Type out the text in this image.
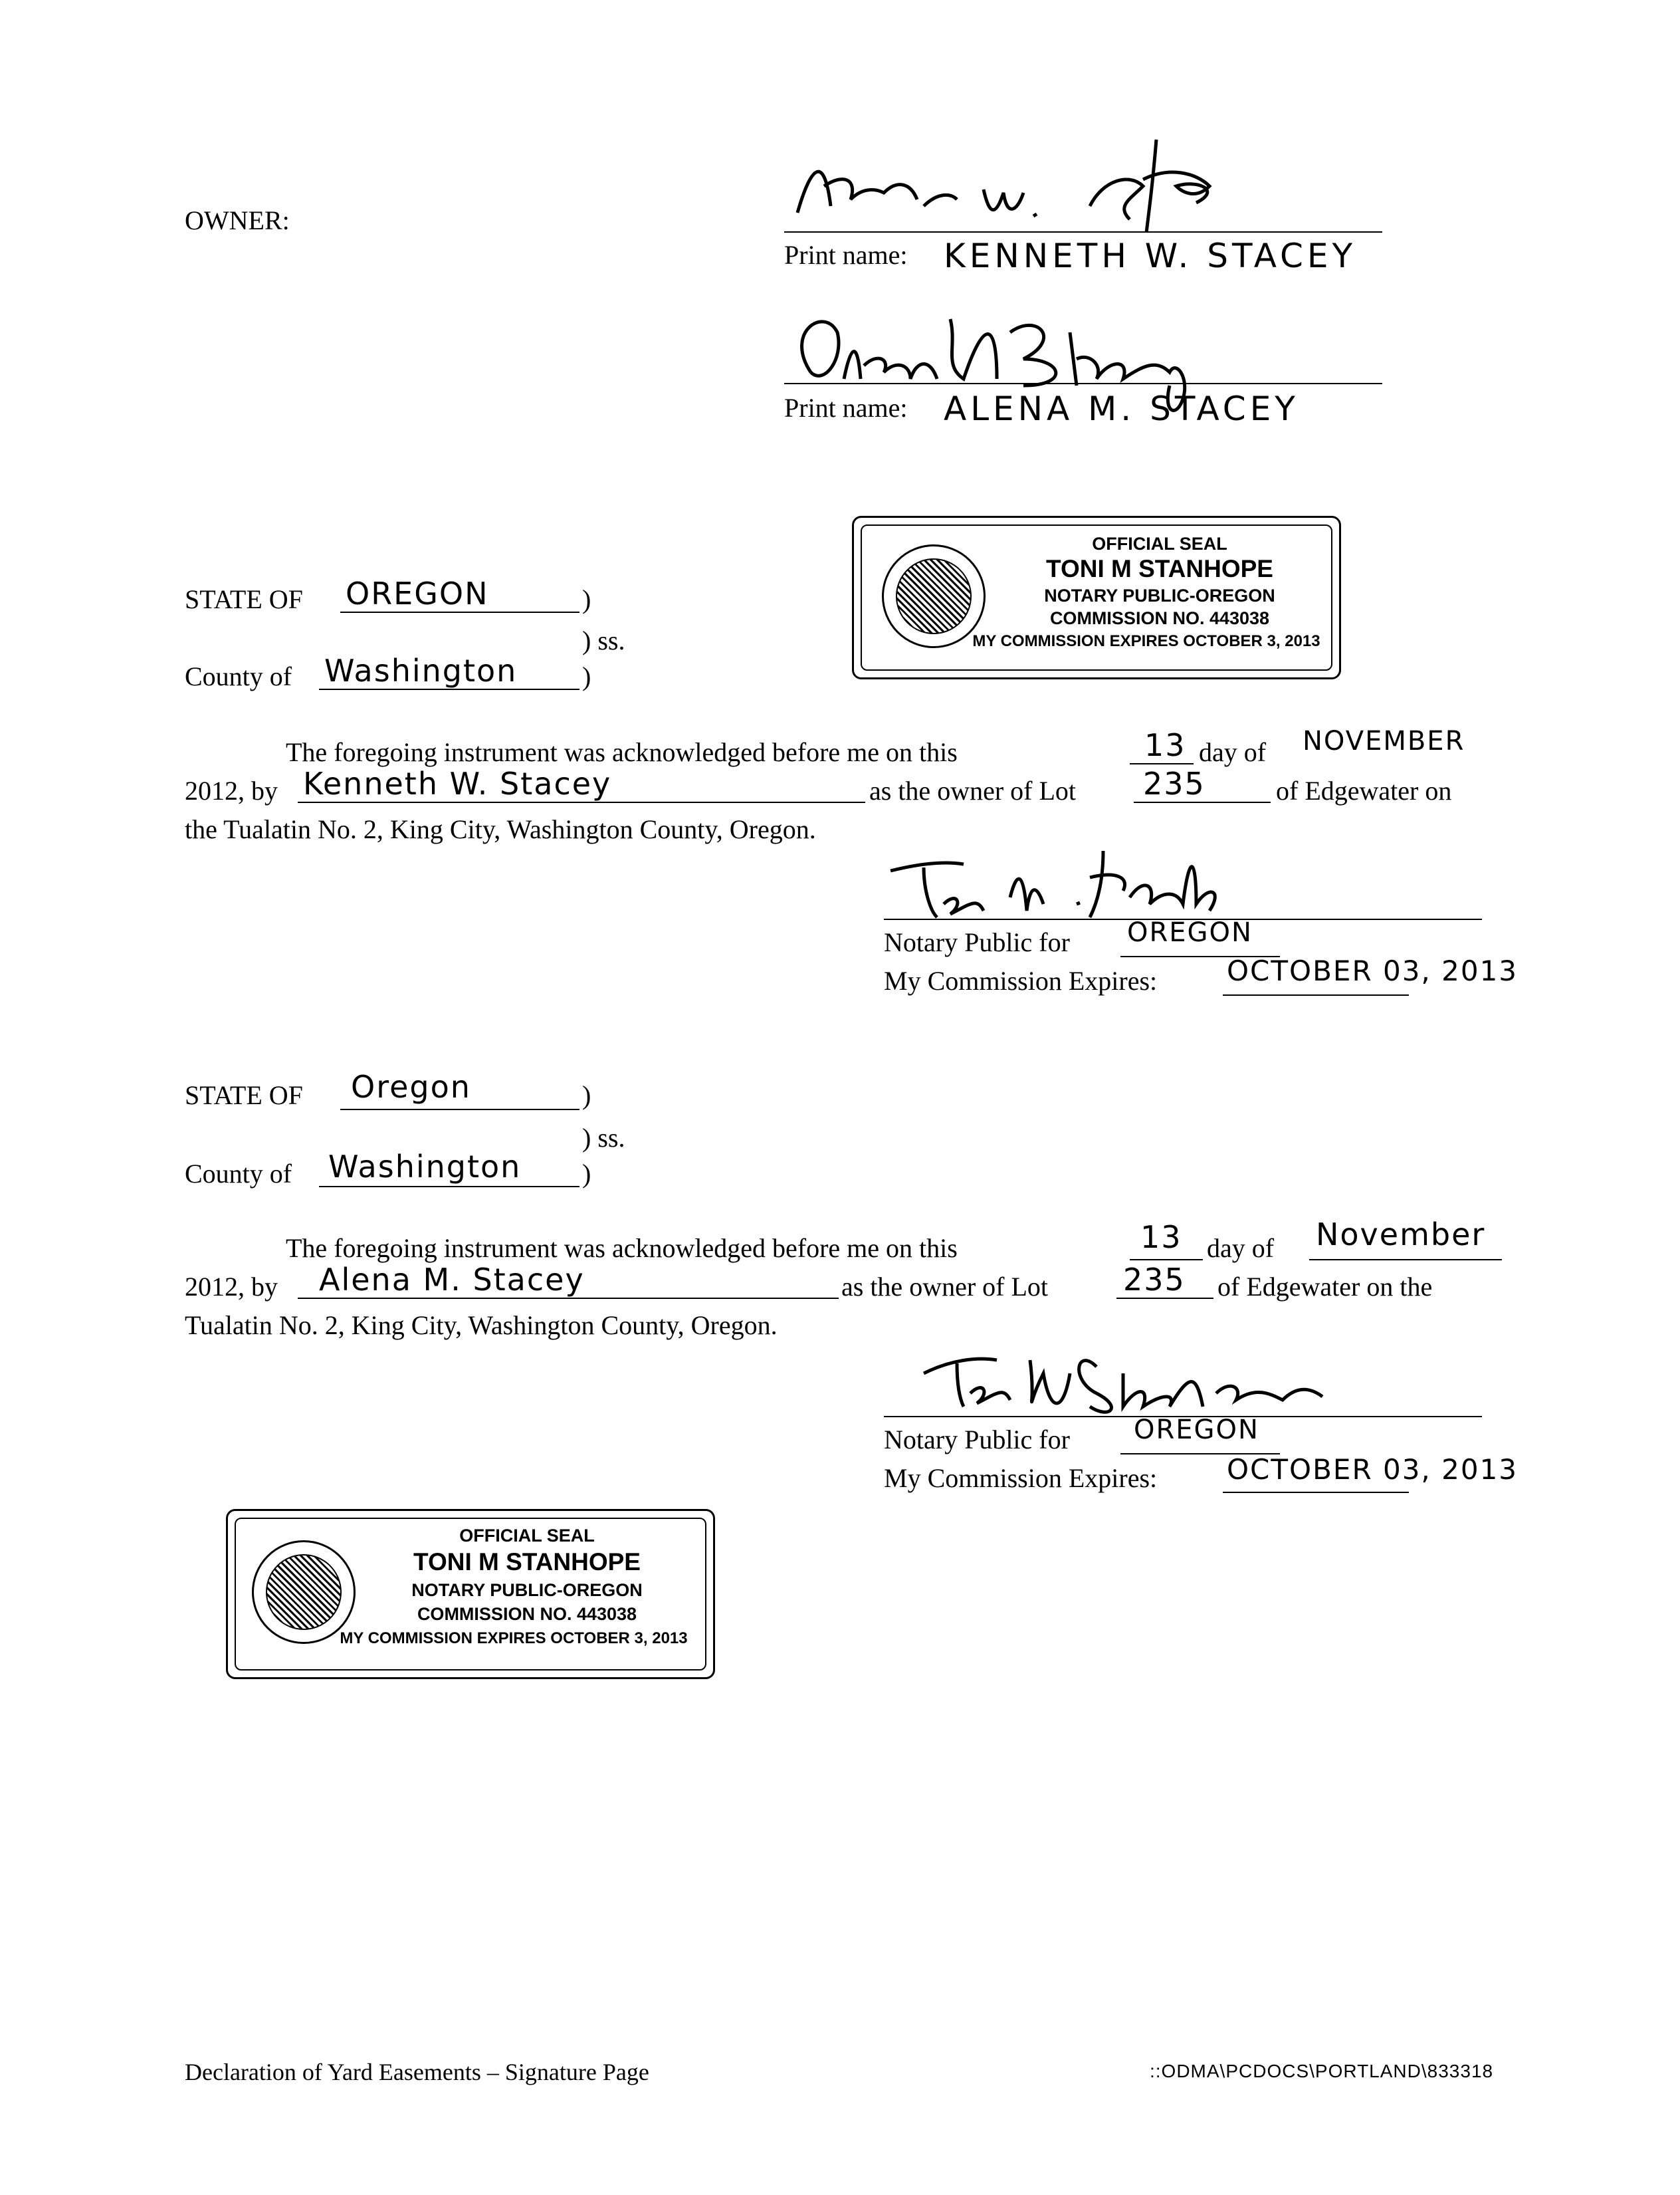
OWNER:
Print name: KENNETH W. STACEY
Print name: ALENA M. STACEY
OFFICIAL SEAL
TONI M STANHOPE
NOTARY PUBLIC-OREGON
COMMISSION NO. 443038
MY COMMISSION EXPIRES OCTOBER 3, 2013
STATE OF OREGON	)
) ss.
County of Washington )
The foregoing instrument was acknowledged before me on this	13 day of NOVEMBER
2012, by Kenneth W. Stacey	as the owner of Lot 235	of Edgewater on
the Tualatin No. 2, King City, Washington County, Oregon.
Notary Public for OREGON
My Commission Expires: OCTOBER 03, 2013
STATE OF Oregon	)
) ss.
County of Washington )
The foregoing instrument was acknowledged before me on this	13 day of November
2012, by Alena M. Stacey	as the owner of Lot 235 of Edgewater on the
Tualatin No. 2, King City, Washington County, Oregon.
Notary Public for OREGON
My Commission Expires: OCTOBER 03, 2013
OFFICIAL SEAL
TONI M STANHOPE
NOTARY PUBLIC-OREGON
COMMISSION NO. 443038
MY COMMISSION EXPIRES OCTOBER 3, 2013
Declaration of Yard Easements – Signature Page	::ODMA\PCDOCS\PORTLAND\833318
